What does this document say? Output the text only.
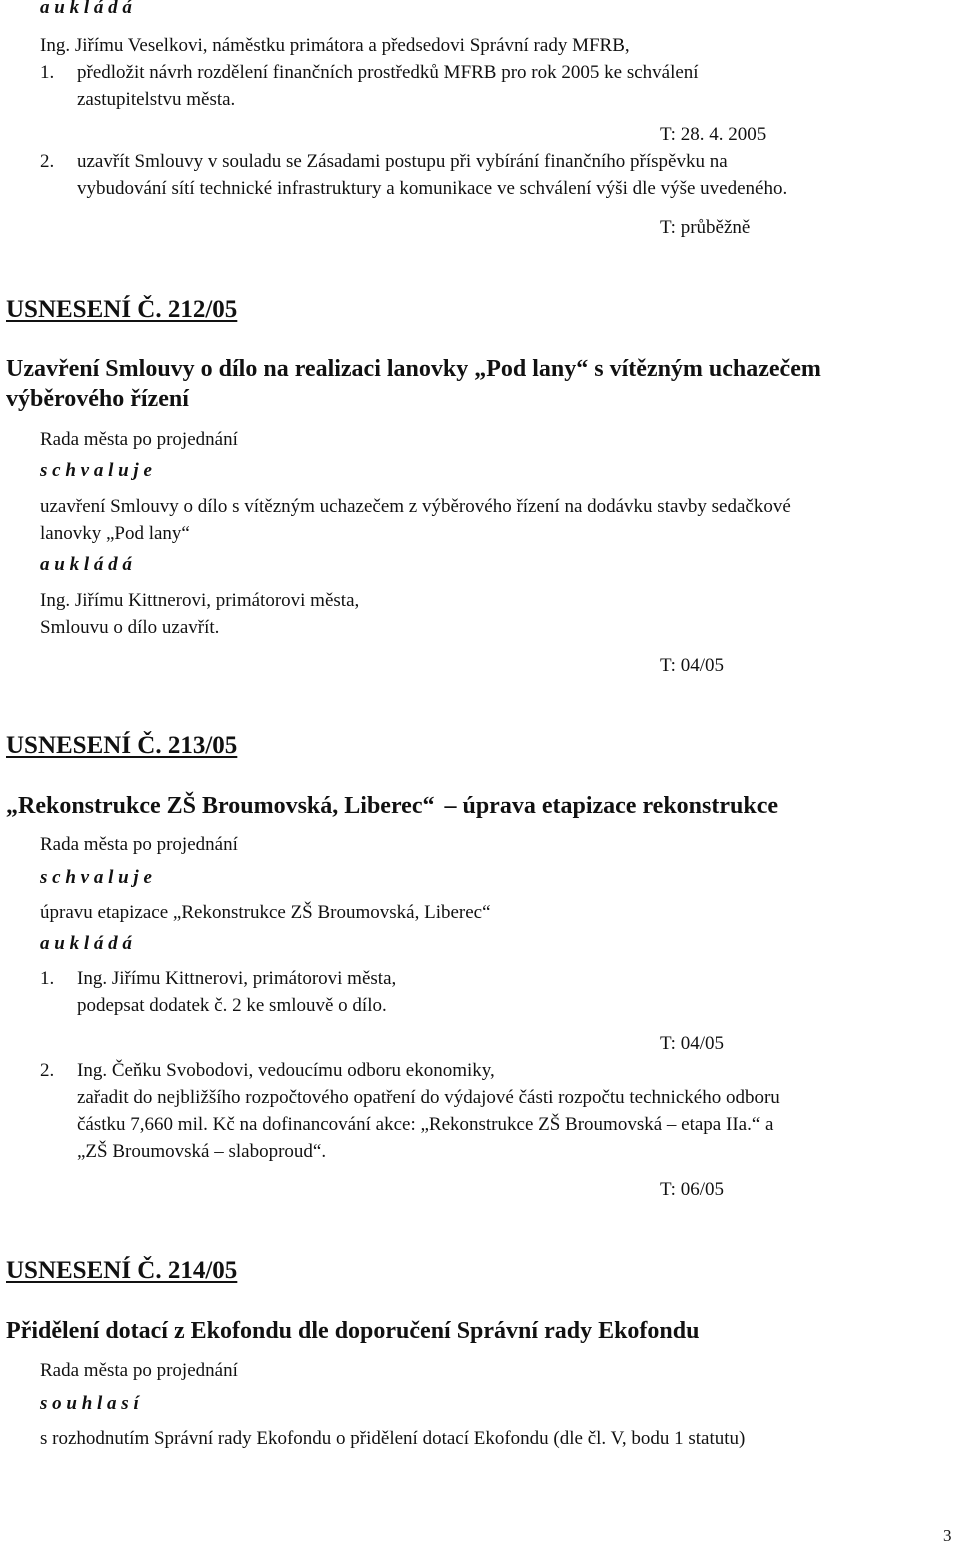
a u k l á d á
Ing. Jiřímu Veselkovi, náměstku primátora a předsedovi Správní rady MFRB,
1. předložit návrh rozdělení finančních prostředků MFRB pro rok 2005 ke schválení
zastupitelstvu města.
T: 28. 4. 2005
2. uzavřít Smlouvy v souladu se Zásadami postupu při vybírání finančního příspěvku na
vybudování sítí technické infrastruktury a komunikace ve schválení výši dle výše uvedeného.
T: průběžně
USNESENÍ Č. 212/05
Uzavření Smlouvy o dílo na realizaci lanovky „Pod lany“ s vítězným uchazečem
výběrového řízení
Rada města po projednání
s c h v a l u j e
uzavření Smlouvy o dílo s vítězným uchazečem z výběrového řízení na dodávku stavby sedačkové
lanovky „Pod lany“
a u k l á d á
Ing. Jiřímu Kittnerovi, primátorovi města,
Smlouvu o dílo uzavřít.
T: 04/05
USNESENÍ Č. 213/05
„Rekonstrukce ZŠ Broumovská, Liberec“ – úprava etapizace rekonstrukce
Rada města po projednání
s c h v a l u j e
úpravu etapizace „Rekonstrukce ZŠ Broumovská, Liberec“
a u k l á d á
1. Ing. Jiřímu Kittnerovi, primátorovi města,
podepsat dodatek č. 2 ke smlouvě o dílo.
T: 04/05
2. Ing. Čeňku Svobodovi, vedoucímu odboru ekonomiky,
zařadit do nejbližšího rozpočtového opatření do výdajové části rozpočtu technického odboru
částku 7,660 mil. Kč na dofinancování akce: „Rekonstrukce ZŠ Broumovská – etapa IIa.“ a
„ZŠ Broumovská – slaboproud“.
T: 06/05
USNESENÍ Č. 214/05
Přidělení dotací z Ekofondu dle doporučení Správní rady Ekofondu
Rada města po projednání
s o u h l a s í
s rozhodnutím Správní rady Ekofondu o přidělení dotací Ekofondu (dle čl. V, bodu 1 statutu)
3
